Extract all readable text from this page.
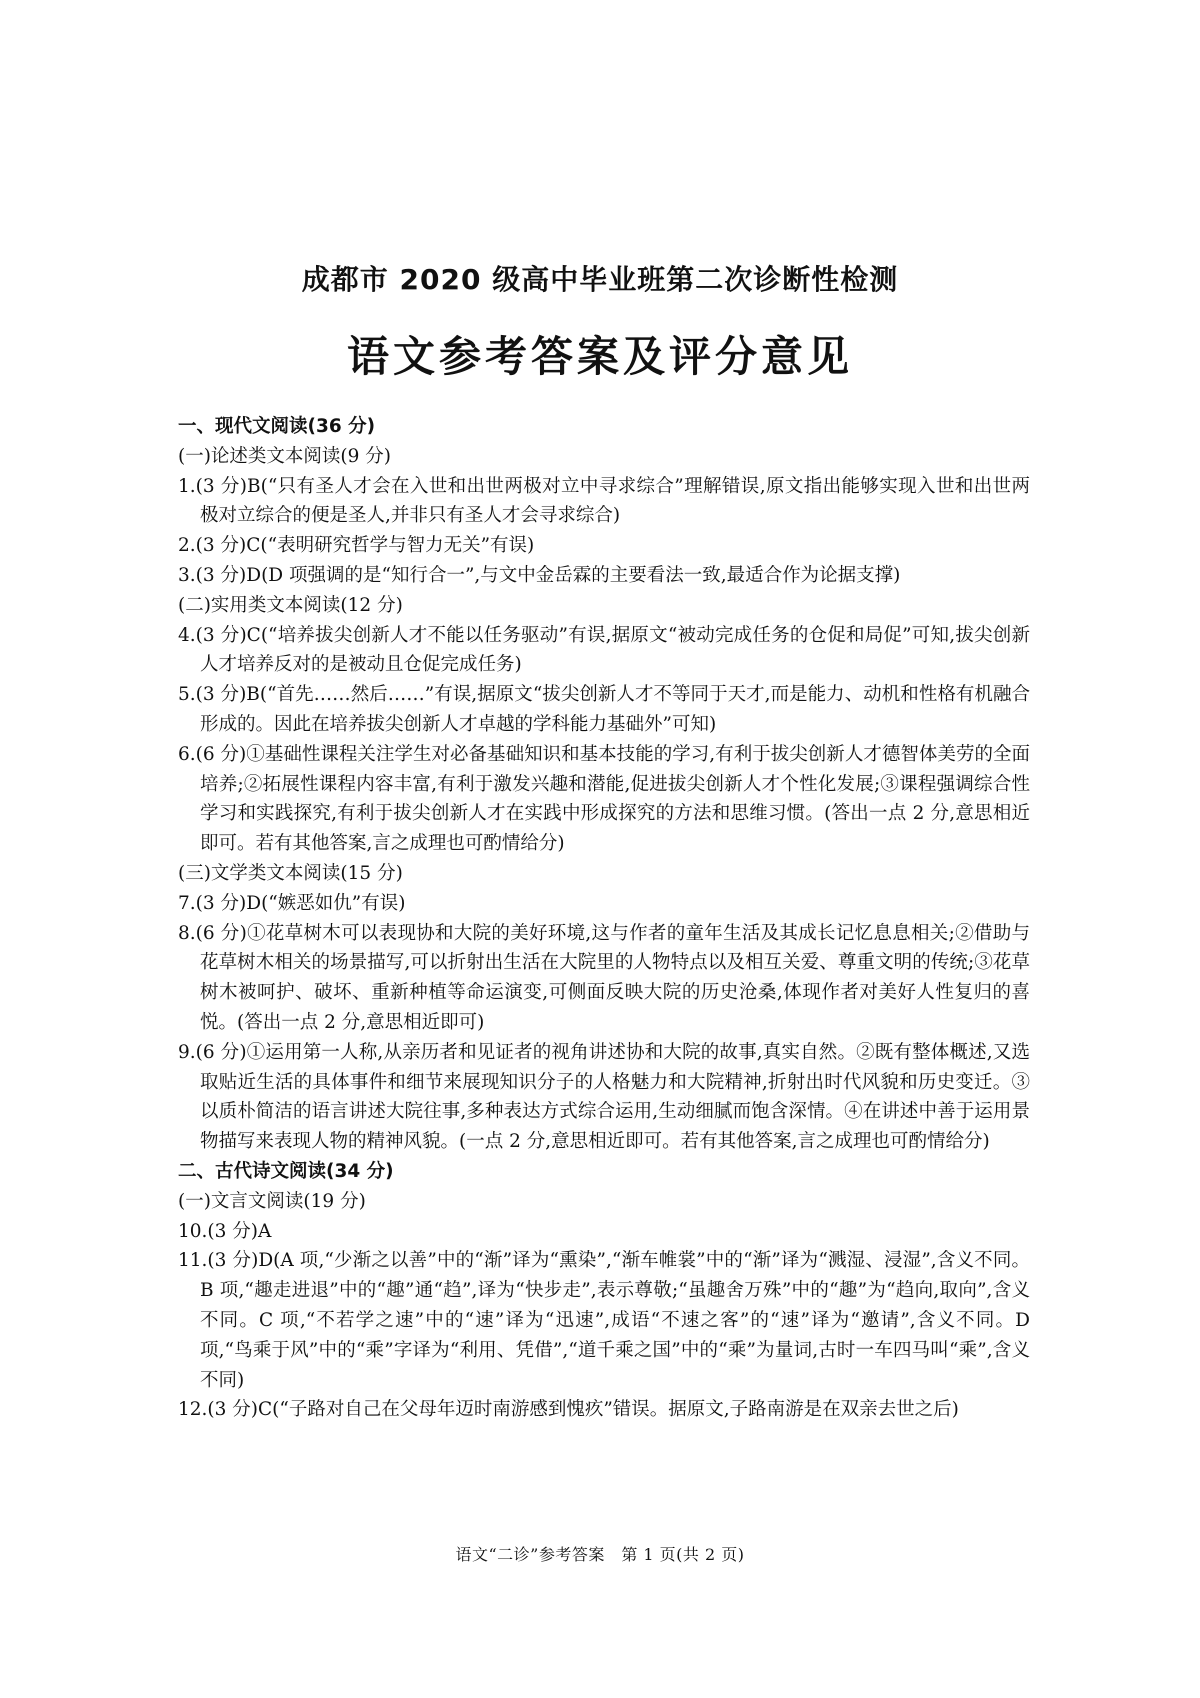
成都市 2020 级高中毕业班第二次诊断性检测
语文参考答案及评分意见
一、现代文阅读(36 分)
(一)论述类文本阅读(9 分)
1.(3 分)B(“只有圣人才会在入世和出世两极对立中寻求综合”理解错误,原文指出能够实现入世和出世两极对立综合的便是圣人,并非只有圣人才会寻求综合)
2.(3 分)C(“表明研究哲学与智力无关”有误)
3.(3 分)D(D 项强调的是“知行合一”,与文中金岳霖的主要看法一致,最适合作为论据支撑)
(二)实用类文本阅读(12 分)
4.(3 分)C(“培养拔尖创新人才不能以任务驱动”有误,据原文“被动完成任务的仓促和局促”可知,拔尖创新人才培养反对的是被动且仓促完成任务)
5.(3 分)B(“首先……然后……”有误,据原文“拔尖创新人才不等同于天才,而是能力、动机和性格有机融合形成的。因此在培养拔尖创新人才卓越的学科能力基础外”可知)
6.(6 分)①基础性课程关注学生对必备基础知识和基本技能的学习,有利于拔尖创新人才德智体美劳的全面培养;②拓展性课程内容丰富,有利于激发兴趣和潜能,促进拔尖创新人才个性化发展;③课程强调综合性学习和实践探究,有利于拔尖创新人才在实践中形成探究的方法和思维习惯。(答出一点 2 分,意思相近即可。若有其他答案,言之成理也可酌情给分)
(三)文学类文本阅读(15 分)
7.(3 分)D(“嫉恶如仇”有误)
8.(6 分)①花草树木可以表现协和大院的美好环境,这与作者的童年生活及其成长记忆息息相关;②借助与花草树木相关的场景描写,可以折射出生活在大院里的人物特点以及相互关爱、尊重文明的传统;③花草树木被呵护、破坏、重新种植等命运演变,可侧面反映大院的历史沧桑,体现作者对美好人性复归的喜悦。(答出一点 2 分,意思相近即可)
9.(6 分)①运用第一人称,从亲历者和见证者的视角讲述协和大院的故事,真实自然。②既有整体概述,又选取贴近生活的具体事件和细节来展现知识分子的人格魅力和大院精神,折射出时代风貌和历史变迁。③以质朴简洁的语言讲述大院往事,多种表达方式综合运用,生动细腻而饱含深情。④在讲述中善于运用景物描写来表现人物的精神风貌。(一点 2 分,意思相近即可。若有其他答案,言之成理也可酌情给分)
二、古代诗文阅读(34 分)
(一)文言文阅读(19 分)
10.(3 分)A
11.(3 分)D(A 项,“少渐之以善”中的“渐”译为“熏染”,“渐车帷裳”中的“渐”译为“溅湿、浸湿”,含义不同。B 项,“趣走进退”中的“趣”通“趋”,译为“快步走”,表示尊敬;“虽趣舍万殊”中的“趣”为“趋向,取向”,含义不同。C 项,“不若学之速”中的“速”译为“迅速”,成语“不速之客”的“速”译为“邀请”,含义不同。D 项,“鸟乘于风”中的“乘”字译为“利用、凭借”,“道千乘之国”中的“乘”为量词,古时一车四马叫“乘”,含义不同)
12.(3 分)C(“子路对自己在父母年迈时南游感到愧疚”错误。据原文,子路南游是在双亲去世之后)
语文“二诊”参考答案　第 1 页(共 2 页)
